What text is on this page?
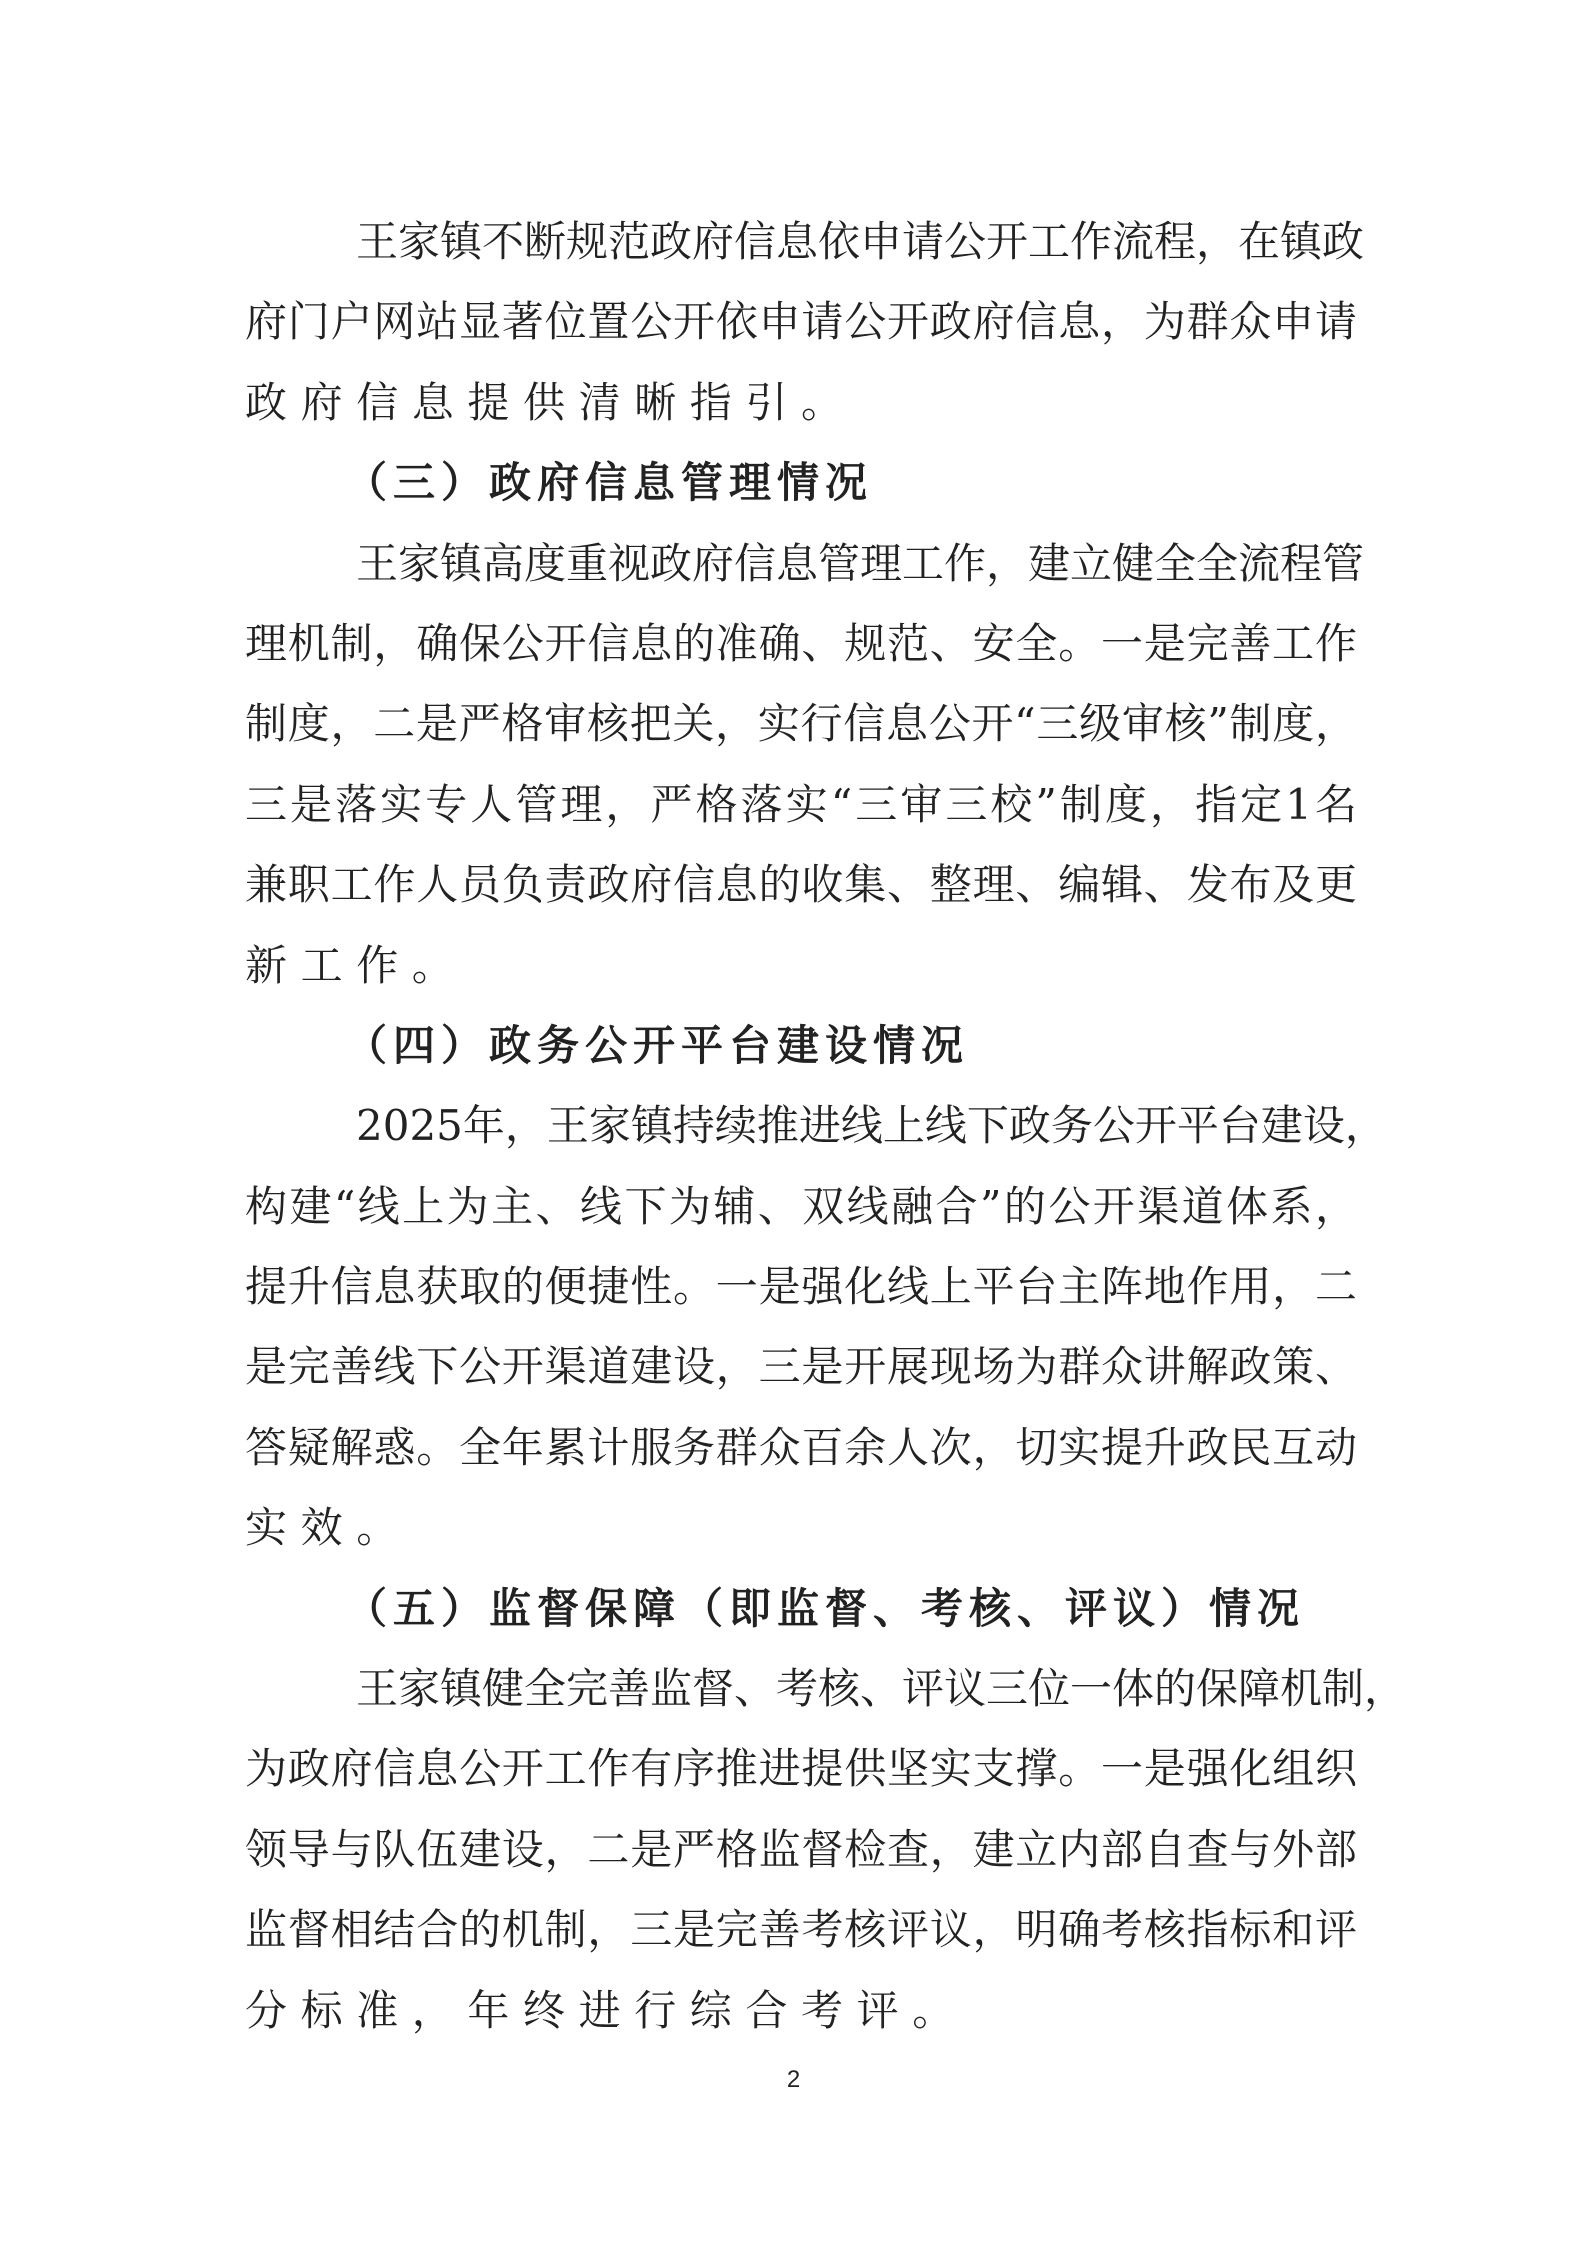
王家镇不断规范政府信息依申请公开工作流程，在镇政
府门户网站显著位置公开依申请公开政府信息，为群众申请
政府信息提供清晰指引。
（三）政府信息管理情况
王家镇高度重视政府信息管理工作，建立健全全流程管
理机制，确保公开信息的准确、规范、安全。一是完善工作
制度，二是严格审核把关，实行信息公开“三级审核”制度，
三是落实专人管理，严格落实“三审三校”制度，指定1名
兼职工作人员负责政府信息的收集、整理、编辑、发布及更
新工作。
（四）政务公开平台建设情况
2025年，王家镇持续推进线上线下政务公开平台建设，
构建“线上为主、线下为辅、双线融合”的公开渠道体系，
提升信息获取的便捷性。一是强化线上平台主阵地作用，二
是完善线下公开渠道建设，三是开展现场为群众讲解政策、
答疑解惑。全年累计服务群众百余人次，切实提升政民互动
实效。
（五）监督保障（即监督、考核、评议）情况
王家镇健全完善监督、考核、评议三位一体的保障机制，
为政府信息公开工作有序推进提供坚实支撑。一是强化组织
领导与队伍建设，二是严格监督检查，建立内部自查与外部
监督相结合的机制，三是完善考核评议，明确考核指标和评
分标准，年终进行综合考评。
2
